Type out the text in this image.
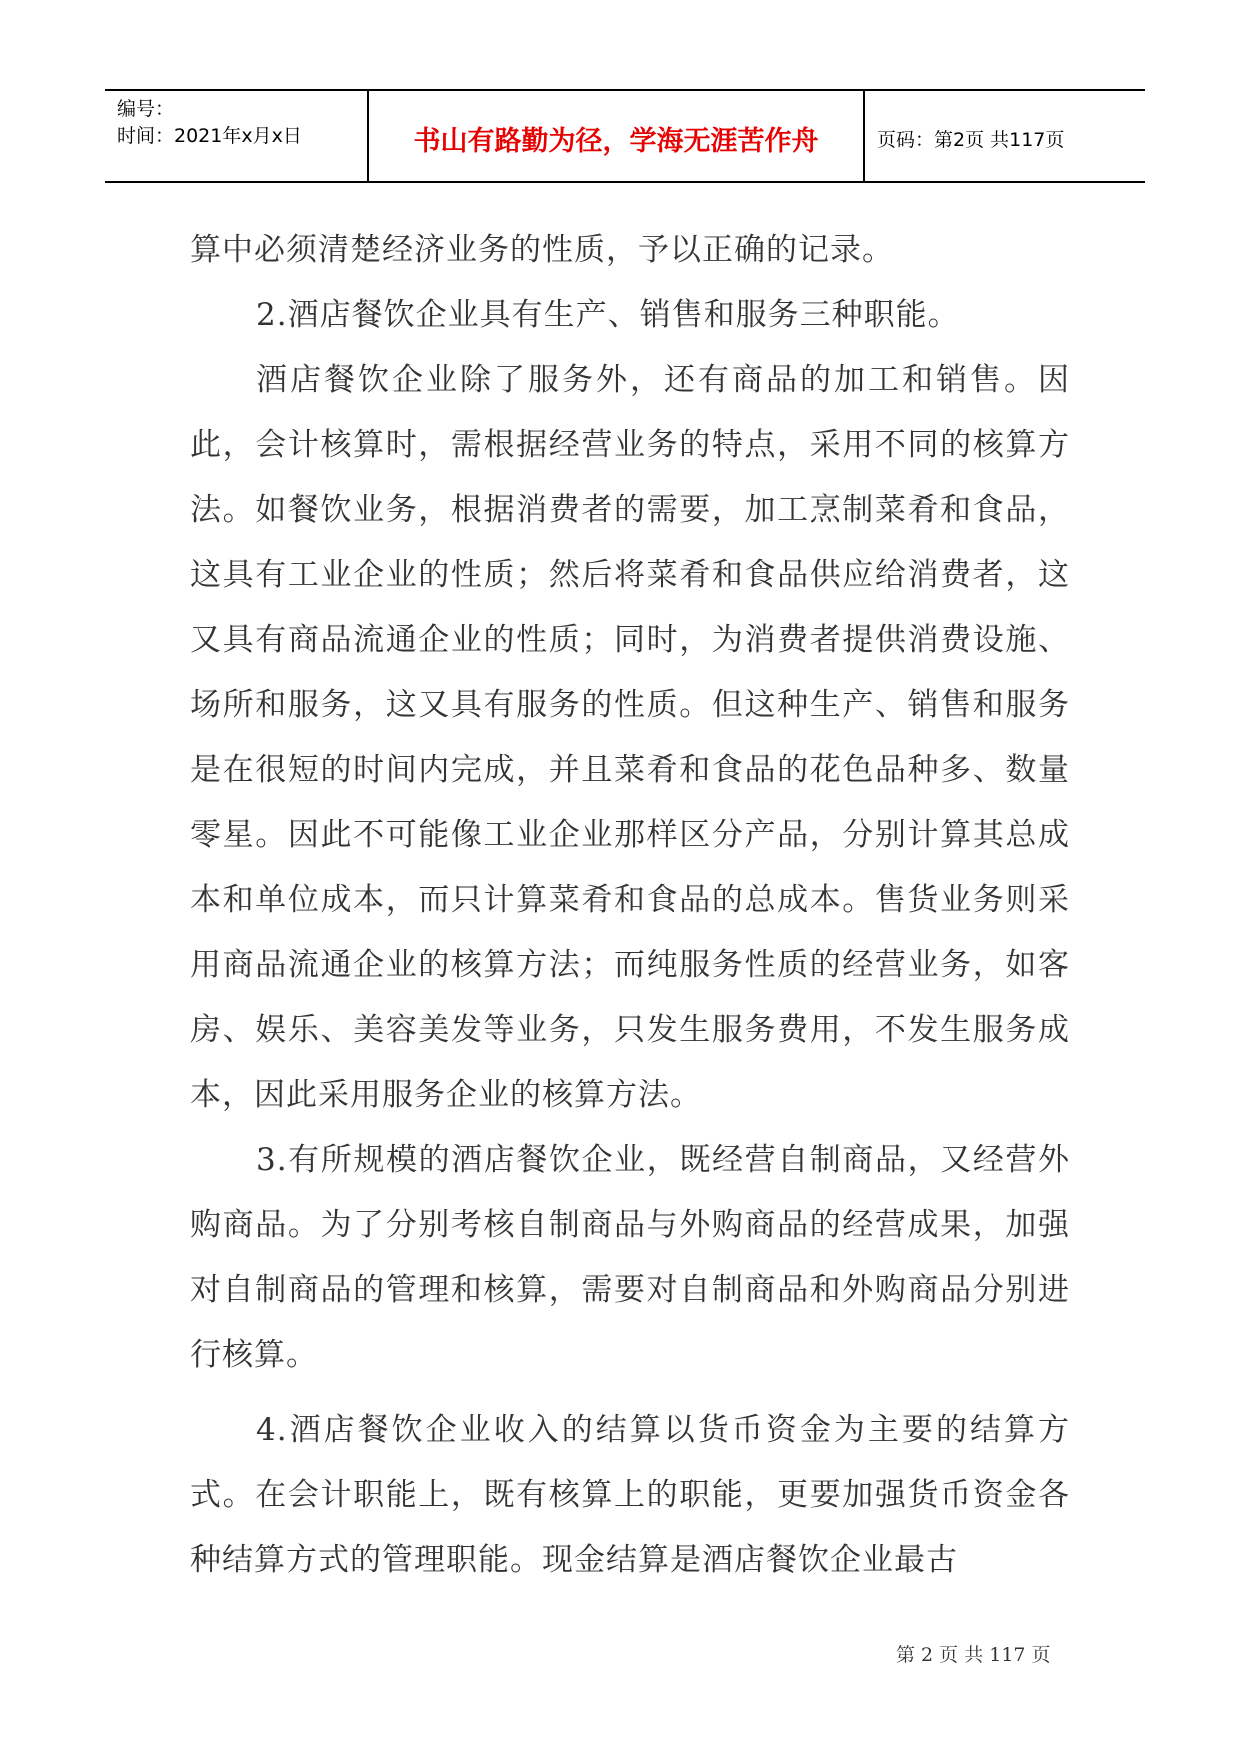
编号：
时间：2021年x月x日	书山有路勤为径，学海无涯苦作舟	页码：第2页 共117页

算中必须清楚经济业务的性质，予以正确的记录。

2.酒店餐饮企业具有生产、销售和服务三种职能。

酒店餐饮企业除了服务外，还有商品的加工和销售。因此，会计核算时，需根据经营业务的特点，采用不同的核算方法。如餐饮业务，根据消费者的需要，加工烹制菜肴和食品，这具有工业企业的性质；然后将菜肴和食品供应给消费者，这又具有商品流通企业的性质；同时，为消费者提供消费设施、场所和服务，这又具有服务的性质。但这种生产、销售和服务是在很短的时间内完成，并且菜肴和食品的花色品种多、数量零星。因此不可能像工业企业那样区分产品，分别计算其总成本和单位成本，而只计算菜肴和食品的总成本。售货业务则采用商品流通企业的核算方法；而纯服务性质的经营业务，如客房、娱乐、美容美发等业务，只发生服务费用，不发生服务成本，因此采用服务企业的核算方法。

3.有所规模的酒店餐饮企业，既经营自制商品，又经营外购商品。为了分别考核自制商品与外购商品的经营成果，加强对自制商品的管理和核算，需要对自制商品和外购商品分别进行核算。

4.酒店餐饮企业收入的结算以货币资金为主要的结算方式。在会计职能上，既有核算上的职能，更要加强货币资金各种结算方式的管理职能。现金结算是酒店餐饮企业最古

第 2 页 共 117 页
